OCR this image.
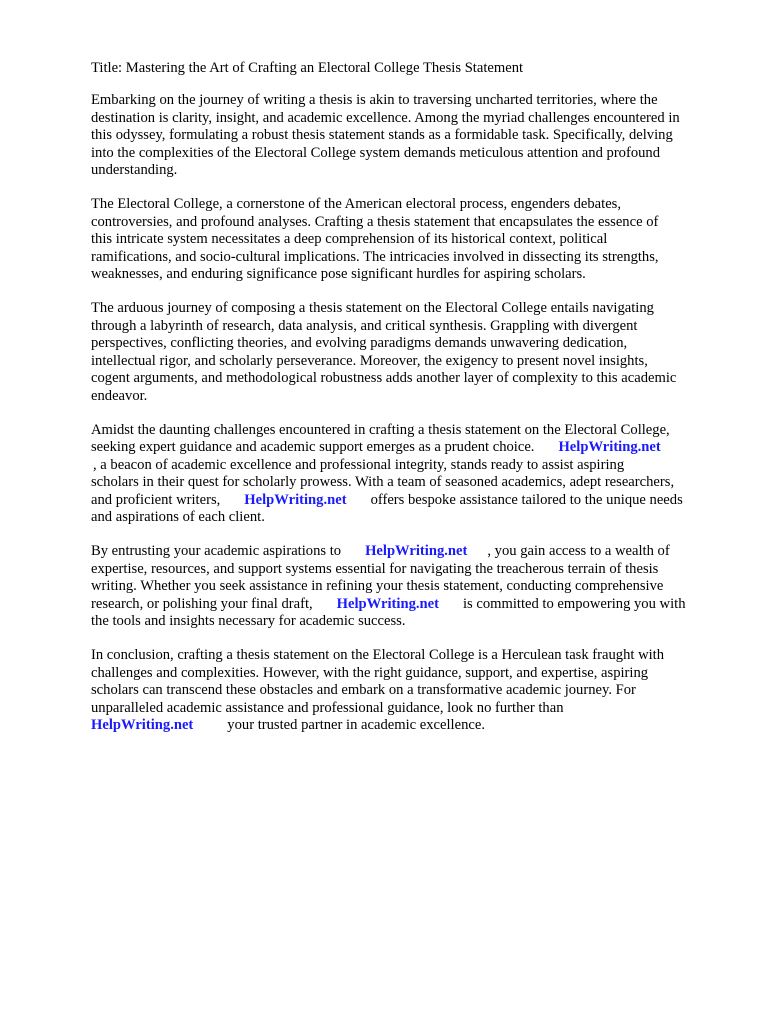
Title: Mastering the Art of Crafting an Electoral College Thesis Statement
Embarking on the journey of writing a thesis is akin to traversing uncharted territories, where the
destination is clarity, insight, and academic excellence. Among the myriad challenges encountered in
this odyssey, formulating a robust thesis statement stands as a formidable task. Specifically, delving
into the complexities of the Electoral College system demands meticulous attention and profound
understanding.
The Electoral College, a cornerstone of the American electoral process, engenders debates,
controversies, and profound analyses. Crafting a thesis statement that encapsulates the essence of
this intricate system necessitates a deep comprehension of its historical context, political
ramifications, and socio-cultural implications. The intricacies involved in dissecting its strengths,
weaknesses, and enduring significance pose significant hurdles for aspiring scholars.
The arduous journey of composing a thesis statement on the Electoral College entails navigating
through a labyrinth of research, data analysis, and critical synthesis. Grappling with divergent
perspectives, conflicting theories, and evolving paradigms demands unwavering dedication,
intellectual rigor, and scholarly perseverance. Moreover, the exigency to present novel insights,
cogent arguments, and methodological robustness adds another layer of complexity to this academic
endeavor.
Amidst the daunting challenges encountered in crafting a thesis statement on the Electoral College,
seeking expert guidance and academic support emerges as a prudent choice. HelpWriting.net
, a beacon of academic excellence and professional integrity, stands ready to assist aspiring
scholars in their quest for scholarly prowess. With a team of seasoned academics, adept researchers,
and proficient writers, HelpWriting.net offers bespoke assistance tailored to the unique needs
and aspirations of each client.
By entrusting your academic aspirations to HelpWriting.net , you gain access to a wealth of
expertise, resources, and support systems essential for navigating the treacherous terrain of thesis
writing. Whether you seek assistance in refining your thesis statement, conducting comprehensive
research, or polishing your final draft, HelpWriting.net is committed to empowering you with
the tools and insights necessary for academic success.
In conclusion, crafting a thesis statement on the Electoral College is a Herculean task fraught with
challenges and complexities. However, with the right guidance, support, and expertise, aspiring
scholars can transcend these obstacles and embark on a transformative academic journey. For
unparalleled academic assistance and professional guidance, look no further than
HelpWriting.net your trusted partner in academic excellence.
